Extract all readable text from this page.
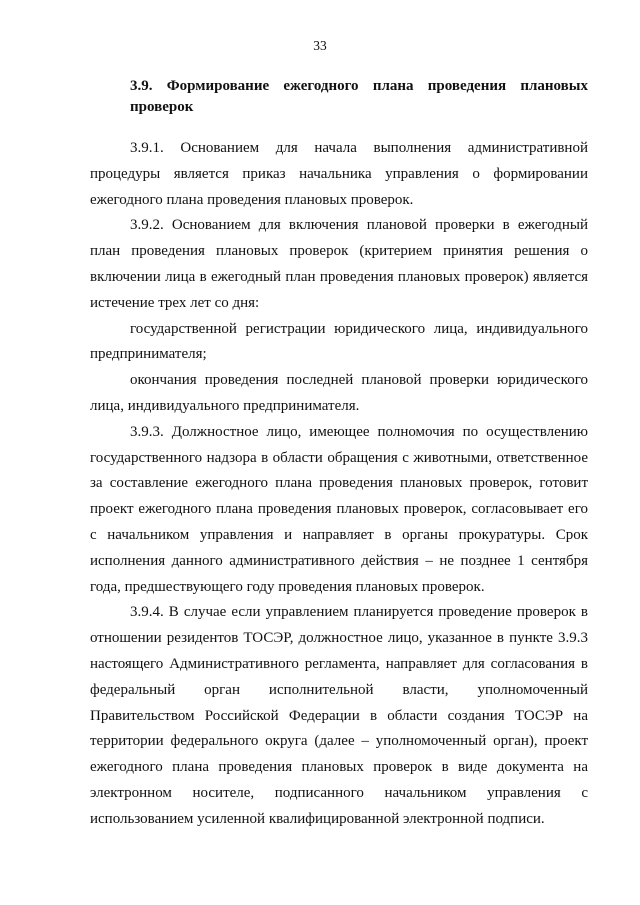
33
3.9. Формирование ежегодного плана проведения плановых проверок

3.9.1. Основанием для начала выполнения административной процедуры является приказ начальника управления о формировании ежегодного плана проведения плановых проверок.

3.9.2. Основанием для включения плановой проверки в ежегодный план проведения плановых проверок (критерием принятия решения о включении лица в ежегодный план проведения плановых проверок) является истечение трех лет со дня:

государственной регистрации юридического лица, индивидуального предпринимателя;

окончания проведения последней плановой проверки юридического лица, индивидуального предпринимателя.

3.9.3. Должностное лицо, имеющее полномочия по осуществлению государственного надзора в области обращения с животными, ответственное за составление ежегодного плана проведения плановых проверок, готовит проект ежегодного плана проведения плановых проверок, согласовывает его с начальником управления и направляет в органы прокуратуры. Срок исполнения данного административного действия – не позднее 1 сентября года, предшествующего году проведения плановых проверок.

3.9.4. В случае если управлением планируется проведение проверок в отношении резидентов ТОСЭР, должностное лицо, указанное в пункте 3.9.3 настоящего Административного регламента, направляет для согласования в федеральный орган исполнительной власти, уполномоченный Правительством Российской Федерации в области создания ТОСЭР на территории федерального округа (далее – уполномоченный орган), проект ежегодного плана проведения плановых проверок в виде документа на электронном носителе, подписанного начальником управления с использованием усиленной квалифицированной электронной подписи.
